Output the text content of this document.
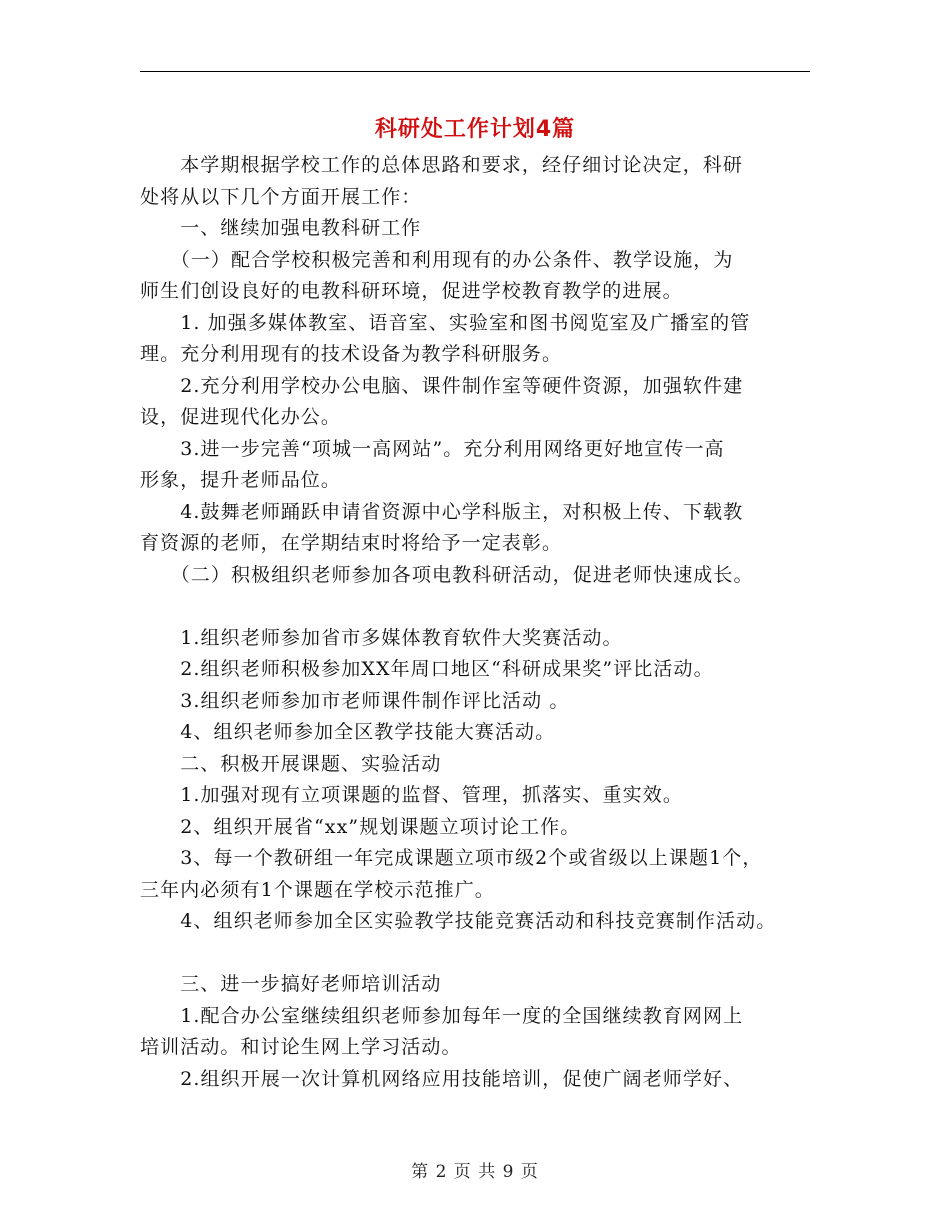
科研处工作计划4篇
　　本学期根据学校工作的总体思路和要求，经仔细讨论决定，科研
处将从以下几个方面开展工作：
　　一、继续加强电教科研工作
　　（一）配合学校积极完善和利用现有的办公条件、教学设施，为
师生们创设良好的电教科研环境，促进学校教育教学的进展。
　　1. 加强多媒体教室、语音室、实验室和图书阅览室及广播室的管
理。充分利用现有的技术设备为教学科研服务。
　　2.充分利用学校办公电脑、课件制作室等硬件资源，加强软件建
设，促进现代化办公。
　　3.进一步完善“项城一高网站”。充分利用网络更好地宣传一高
形象，提升老师品位。
　　4.鼓舞老师踊跃申请省资源中心学科版主，对积极上传、下载教
育资源的老师，在学期结束时将给予一定表彰。
　　（二）积极组织老师参加各项电教科研活动，促进老师快速成长。

　　1.组织老师参加省市多媒体教育软件大奖赛活动。
　　2.组织老师积极参加XX年周口地区“科研成果奖”评比活动。
　　3.组织老师参加市老师课件制作评比活动 。
　　4、组织老师参加全区教学技能大赛活动。
　　二、积极开展课题、实验活动
　　1.加强对现有立项课题的监督、管理，抓落实、重实效。
　　2、组织开展省“xx”规划课题立项讨论工作。
　　3、每一个教研组一年完成课题立项市级2个或省级以上课题1个，
三年内必须有1个课题在学校示范推广。
　　4、组织老师参加全区实验教学技能竞赛活动和科技竞赛制作活动。

　　三、进一步搞好老师培训活动
　　1.配合办公室继续组织老师参加每年一度的全国继续教育网网上
培训活动。和讨论生网上学习活动。
　　2.组织开展一次计算机网络应用技能培训，促使广阔老师学好、
第 2 页 共 9 页
